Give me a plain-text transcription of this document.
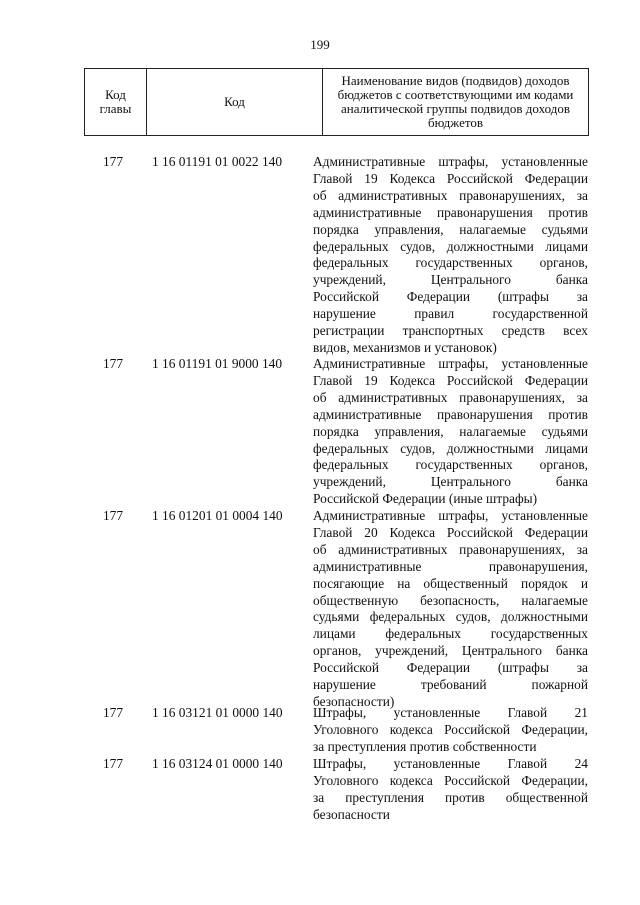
199
Код главы	Код	Наименование видов (подвидов) доходов бюджетов с соответствующими им кодами аналитической группы подвидов доходов бюджетов
177	1 16 01191 01 0022 140 Административные штрафы, установленные
Главой 19 Кодекса Российской Федерации
об административных правонарушениях, за
административные правонарушения против
порядка управления, налагаемые судьями
федеральных судов, должностными лицами
федеральных государственных органов,
учреждений, Центрального банка
Российской Федерации (штрафы за
нарушение правил государственной
регистрации транспортных средств всех
видов, механизмов и установок)
177	1 16 01191 01 9000 140 Административные штрафы, установленные
Главой 19 Кодекса Российской Федерации
об административных правонарушениях, за
административные правонарушения против
порядка управления, налагаемые судьями
федеральных судов, должностными лицами
федеральных государственных органов,
учреждений, Центрального банка
Российской Федерации (иные штрафы)
177	1 16 01201 01 0004 140 Административные штрафы, установленные
Главой 20 Кодекса Российской Федерации
об административных правонарушениях, за
административные правонарушения,
посягающие на общественный порядок и
общественную безопасность, налагаемые
судьями федеральных судов, должностными
лицами федеральных государственных
органов, учреждений, Центрального банка
Российской Федерации (штрафы за
нарушение требований пожарной
безопасности)
177	1 16 03121 01 0000 140 Штрафы, установленные Главой 21
Уголовного кодекса Российской Федерации,
за преступления против собственности
177	1 16 03124 01 0000 140 Штрафы, установленные Главой 24
Уголовного кодекса Российской Федерации,
за преступления против общественной
безопасности
